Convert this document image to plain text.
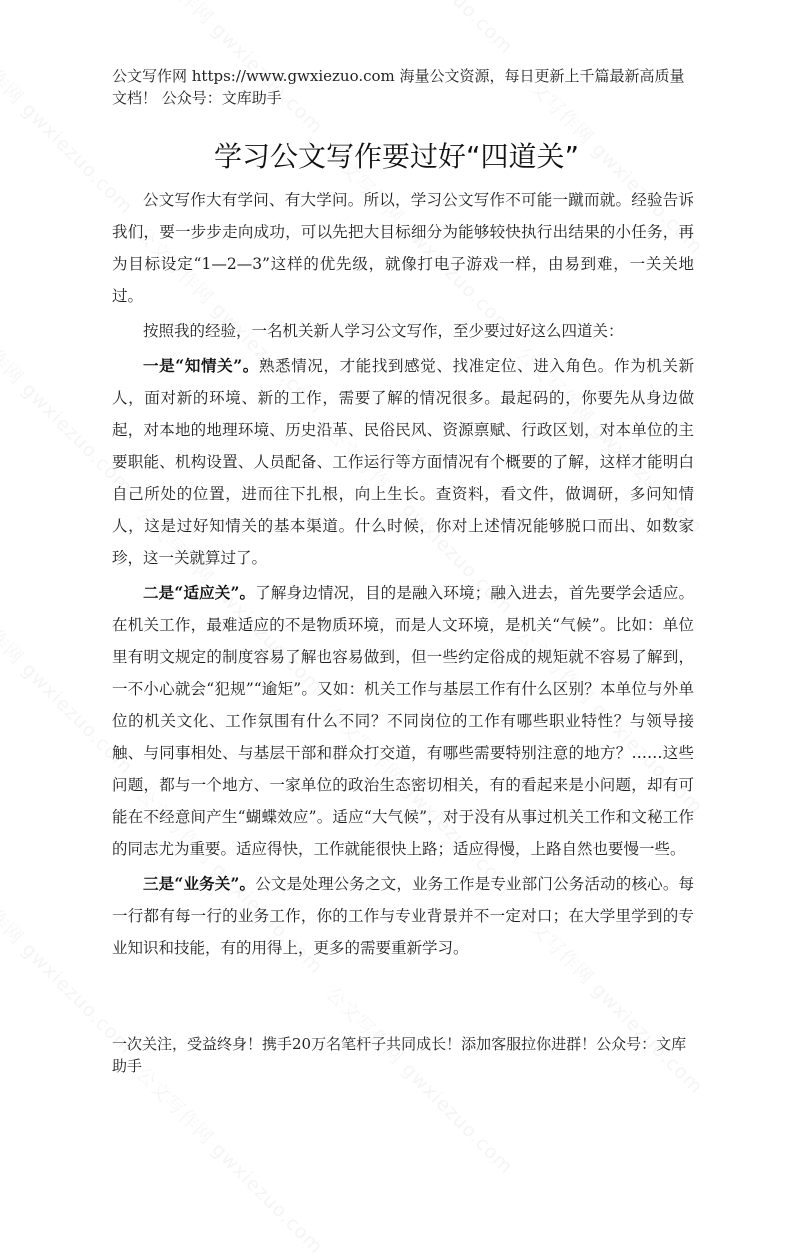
公文写作网 https://www.gwxiezuo.com 海量公文资源，每日更新上千篇最新高质量文档！ 公众号：文库助手
学习公文写作要过好“四道关”

公文写作大有学问、有大学问。所以，学习公文写作不可能一蹴而就。经验告诉我们，要一步步走向成功，可以先把大目标细分为能够较快执行出结果的小任务，再为目标设定“1—2—3”这样的优先级，就像打电子游戏一样，由易到难，一关关地过。

按照我的经验，一名机关新人学习公文写作，至少要过好这么四道关：

一是“知情关”。熟悉情况，才能找到感觉、找准定位、进入角色。作为机关新人，面对新的环境、新的工作，需要了解的情况很多。最起码的，你要先从身边做起，对本地的地理环境、历史沿革、民俗民风、资源禀赋、行政区划，对本单位的主要职能、机构设置、人员配备、工作运行等方面情况有个概要的了解，这样才能明白自己所处的位置，进而往下扎根，向上生长。查资料，看文件，做调研，多问知情人，这是过好知情关的基本渠道。什么时候，你对上述情况能够脱口而出、如数家珍，这一关就算过了。

二是“适应关”。了解身边情况，目的是融入环境；融入进去，首先要学会适应。在机关工作，最难适应的不是物质环境，而是人文环境，是机关“气候”。比如：单位里有明文规定的制度容易了解也容易做到，但一些约定俗成的规矩就不容易了解到，一不小心就会“犯规”“逾矩”。又如：机关工作与基层工作有什么区别？本单位与外单位的机关文化、工作氛围有什么不同？不同岗位的工作有哪些职业特性？与领导接触、与同事相处、与基层干部和群众打交道，有哪些需要特别注意的地方？……这些问题，都与一个地方、一家单位的政治生态密切相关，有的看起来是小问题，却有可能在不经意间产生“蝴蝶效应”。适应“大气候”，对于没有从事过机关工作和文秘工作的同志尤为重要。适应得快，工作就能很快上路；适应得慢，上路自然也要慢一些。

三是“业务关”。公文是处理公务之文，业务工作是专业部门公务活动的核心。每一行都有每一行的业务工作，你的工作与专业背景并不一定对口；在大学里学到的专业知识和技能，有的用得上，更多的需要重新学习。

一次关注，受益终身！携手20万名笔杆子共同成长！添加客服拉你进群！公众号：文库助手
